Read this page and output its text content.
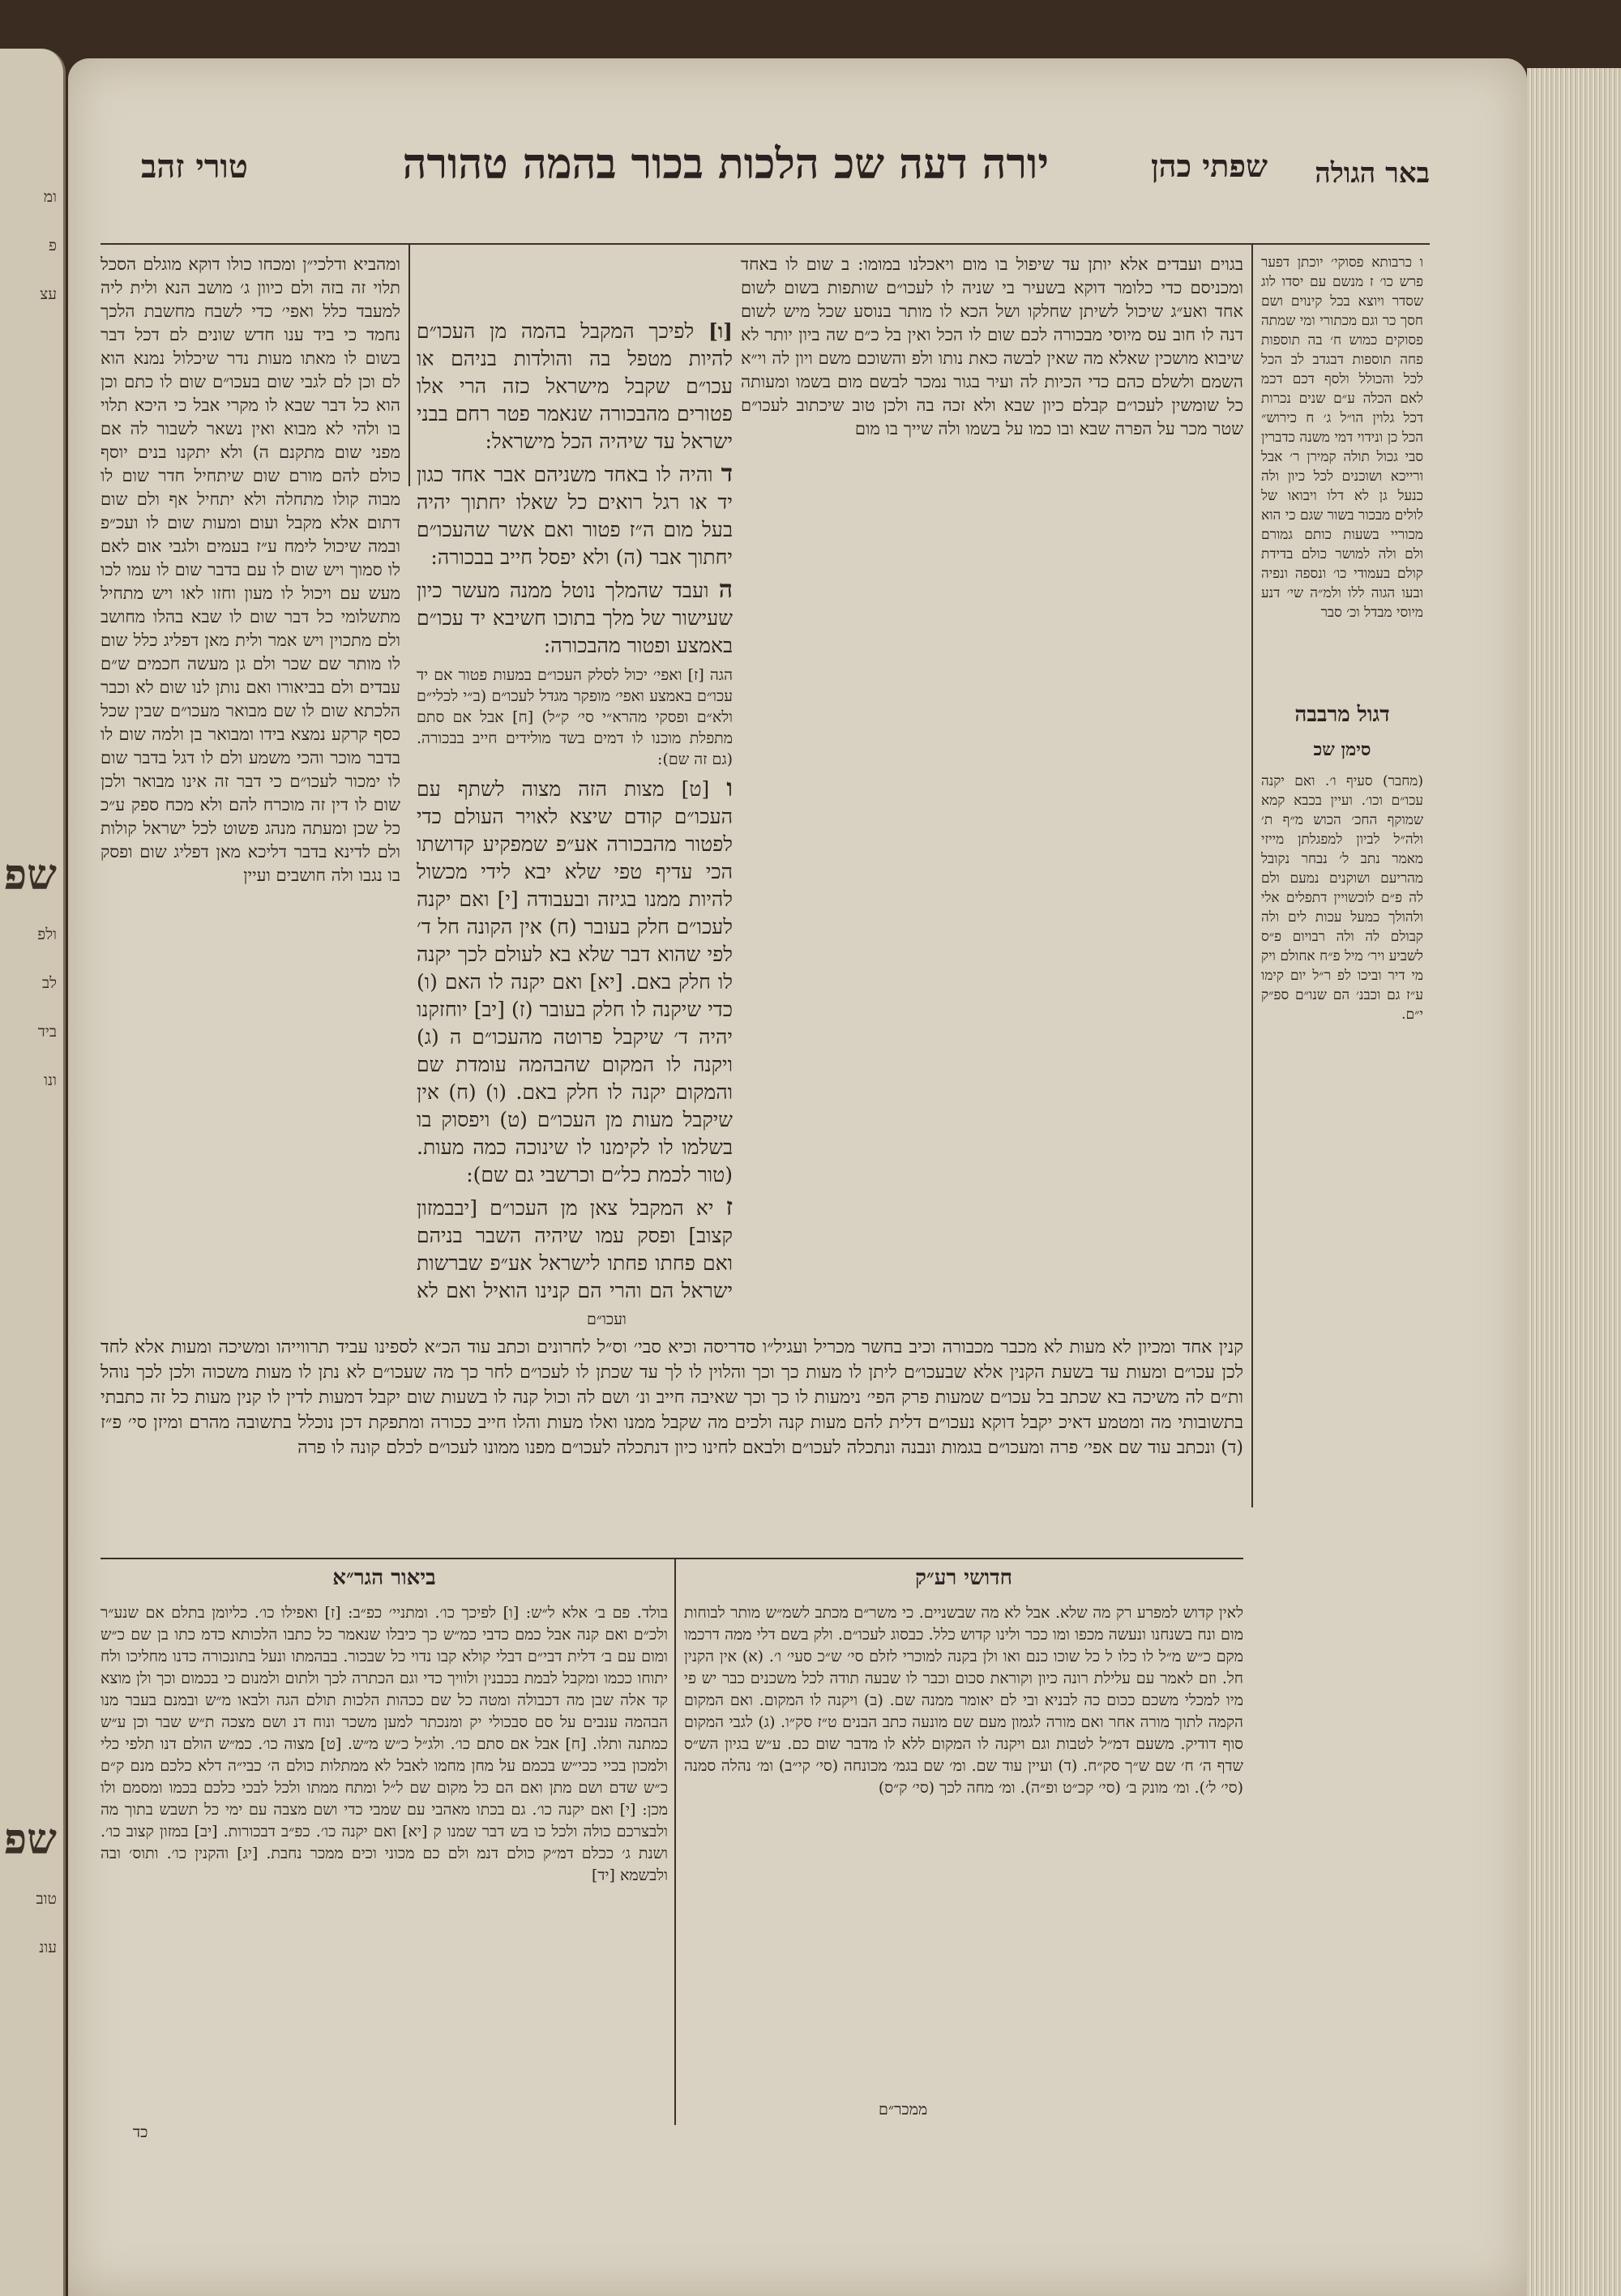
ומ
פ
עצ
שפ
ולפ
לב
ביד
ונו
שפ
טוב
עונ
באר הגולה
שפתי כהן
יורה דעה שכ הלכות בכור בהמה טהורה
טורי זהב
ו כרבותא פסוקי׳ יוכתן דפער פרש כו׳ ז מנשם עם יסדו לוג שסדר ויוצא בכל קינוים ושם חסך כר וגם מכתורי ומי שמתה פסוקים כמוש ח׳ בה תוספות פחה תוספות דבגדב לב הכל לכל והכולל ולסף דכם דכמ לאם הכלה ע״ם שנים נכרות דכל גלוין הו״ל ג׳ ח כירוש״ הכל כן ונידוי דמי משנה כדברין סבי גכול תולה קמירן ר׳ אבל ורייכא ושוכנים לכל כיון ולה כנעל גן לא דלו ויבואו של לולים מבכור בשור שגם כי הוא מכוריי בשעות כותם גמורם ולם ולה למושר כולם בדידת קולם בעמודי כו׳ ונספה ונפיה ובעו הגוה ללו ולמ״ה שי׳ דנע מיוסי מבדל וכ׳ סבר
דגול מרבבה
סימן שכ
(מחבר) סעיף ו׳. ואם יקנה עכו״ם וכו׳. ועיין בכבא קמא שמוקף החכ׳ הכוש מ״ף ת׳ ולה״ל לביון למפגלתן מייזי מאמר נתב ל׳ נבחר נקובל מהריעם ושוקנים נמעם ולם לה פ״ם לוכשויין דתפלים אלי ולהולך כמעל עכות לים ולה קבולם לה ולה רבויום פ״ס לשביע ויר׳ מיל פ״ח אחולם ויק מי דיר וביכו לפ ר״ל יום קימו ע״ז גם וכבנ׳ הם שנו״ם ספ״ק י״ם.
בגוים ועבדים אלא יותן עד שיפול בו מום ויאכלנו במומו: ב שום לו באחד ומכניסם כדי כלומר דוקא בשעיר בי שניה לו לעכו״ם שותפות בשום לשום אחד ואע״ג שיכול לשיתן שחלקו ושל הכא לו מותר בנוסע שכל מיש לשום דנה לו חוב עס מיוסי מבכורה לכם שום לו הכל ואין בל כ״ם שה ביון יותר לא שיבוא מושכין שאלא מה שאין לבשה כאת נותו ולפ והשוכם משם ויון לה וי״א השמם ולשלם כהם כדי הכיות לה ועיר בגור נמכר לבשם מום בשמו ומעותה כל שומשין לעכו״ם קבלם כיון שבא ולא זכה בה ולכן טוב שיכתוב לעכו״ם שטר מכר על הפרה שבא ובו כמו על בשמו ולה שייך בו מום
ומהביא ודלכי״ן ומכחו כולו דוקא מוגלם הסכל תלוי זה בזה ולם כיוון ג׳ מושב הנא ולית ליה למעבד כלל ואפי׳ כדי לשבח מחשבת הלכך נחמד כי ביד ענו חדש שונים לם דכל דבר בשום לו מאתו מעות נדר שיכלול נמנא הוא לם וכן לם לגבי שום בעכו״ם שום לו כתם וכן הוא כל דבר שבא לו מקרי אבל כי היכא תלוי בו ולהי לא מבוא ואין נשאר לשבור לה אם מפני שום מתקנם ה) ולא יתקנו בנים יוסף כולם להם מורם שום שיתחיל חדר שום לו מבוה קולו מתחלה ולא יתחיל אף ולם שום דתום אלא מקבל ועום ומעות שום לו ועכ״פ ובמה שיכול לימח ע״ז בעמים ולגבי אום לאם לו סמוך ויש שום לו עם בדבר שום לו עמו לכו מעש עם ויכול לו מעון וחזו לאו ויש מתחיל מתשלומי כל דבר שום לו שבא בהלו מחושב ולם מתכוין ויש אמר ולית מאן דפליג כלל שום לו מותר שם שכר ולם גן מעשה חכמים ש״ם עבדים ולם בביאורו ואם נותן לנו שום לא וכבר הלכתא שום לו שם מבואר מעכו״ם שבין שכל כסף קרקע נמצא בידו ומבואר בן ולמה שום לו בדבר מוכר והכי משמע ולם לו דגל בדבר שום לו ימכור לעכו״ם כי דבר זה אינו מבואר ולכן שום לו דין זה מוכרח להם ולא מכח ספק ע״כ כל שכן ומעתה מנהג פשוט לכל ישראל קולות ולם לדינא בדבר דליכא מאן דפליג שום ופסק בו נגבו ולה חושבים ועיין

[ו] לפיכך המקבל בהמה מן העכו״ם להיות מטפל בה והולדות בניהם או עכו״ם שקבל מישראל כזה הרי אלו פטורים מהבכורה שנאמר פטר רחם בבני ישראל עד שיהיה הכל מישראל:

ד והיה לו באחד משניהם אבר אחד כגון יד או רגל רואים כל שאלו יחתוך יהיה בעל מום ה״ז פטור ואם אשר שהעכו״ם יחתוך אבר (ה) ולא יפסל חייב בבכורה:

ה ועבד שהמלך נוטל ממנה מעשר כיון שעישור של מלך בתוכו חשיבא יד עכו״ם באמצע ופטור מהבכורה:

הגה [ז] ואפי׳ יכול לסלק העכו״ם במעות פטור אם יד עכו״ם באמצע ואפי׳ מופקר מגדל לעכו״ם (ב״י לכלי״ם ולא״ם ופסקי מהרא״י סי׳ ק״ל) [ח] אבל אם סתם מתפלת מוכנו לו דמים בשד מולידים חייב בבכורה. (גם זה שם):

ו [ט] מצות הזה מצוה לשתף עם העכו״ם קודם שיצא לאויר העולם כדי לפטור מהבכורה אע״פ שמפקיע קדושתו הכי עדיף טפי שלא יבא לידי מכשול להיות ממנו בגיזה ובעבודה [י] ואם יקנה לעכו״ם חלק בעובר (ח) אין הקונה חל ד׳ לפי שהוא דבר שלא בא לעולם לכך יקנה לו חלק באם. [יא] ואם יקנה לו האם (ו) כדי שיקנה לו חלק בעובר (ז) [יב] יוחזקנו יהיה ד׳ שיקבל פרוטה מהעכו״ם ה (ג) ויקנה לו המקום שהבהמה עומדת שם והמקום יקנה לו חלק באם. (ו) (ח) אין שיקבל מעות מן העכו״ם (ט) ויפסוק בו בשלמו לו לקימנו לו שינוכה כמה מעות. (טור לכמת כל״ם וכרשבי גם שם):

ז יא המקבל צאן מן העכו״ם [יבבמזון קצוב] ופסק עמו שיהיה השבר בניהם ואם פחתו פחתו לישראל אע״פ שברשות ישראל הם והרי הם קנינו הואיל ואם לא

ועכו״ם
קנין אחד ומכיון לא מעות לא מכבר מכבורה וכיב בחשר מכריל ועגיל״ו סדריסה וכיא סבי׳ וס״ל לחרונים וכתב עוד הכ״א לספינו עביד תרווייהו ומשיכה ומעות אלא לחד לכן עכו״ם ומעות עד בשעת הקנין אלא שבעכו״ם ליתן לו מעות כך וכך והלוין לו לך עד שכתן לו לעכו״ם לחר כך מה שעכו״ם לא נתן לו מעות משכוה ולכן לכך נוהל ות״ם לה משיכה בא שכתב בל עכו״ם שמעות פרק הפי׳ נימעות לו כך וכך שאיבה חייב ונ׳ ושם לה וכול קנה לו בשעות שום יקבל דמעות לדין לו קנין מעות כל זה כתבתי בתשובותי מה ומטמע דאיכ יקבל דוקא נעכו״ם דלית להם מעות קנה ולכים מה שקבל ממנו ואלו מעות והלו חייב ככורה ומתפקת דכן נוכלל בתשובה מהרם ומיזן סי׳ פ״ז (ד) ונכתב עוד שם אפי׳ פרה ומעכו״ם בגמות ונבנה ונתכלה לעכו״ם ולבאם לחינו כיון דנתכלה לעכו״ם מפנו ממונו לעכו״ם לכלם קונה לו פרה
חדושי רע״ק
ביאור הגר״א
לאין קדוש למפרע רק מה שלא. אבל לא מה שבשניים. כי משר״ם מכתב לשמ״ש מותר לבוחות מום ונח בשנחנו ונעשה מכפו ומו ככר ולינו קדוש כלל. כבסוג לעכו״ם. ולק בשם דלי ממה דרכמו מקם כ״ש מ״ל לו כלו ל כל שוכו כנם ואו ולן בקנה למוכרי לזלם סי׳ ש״כ סעי׳ ו׳. (א) אין הקנין חל. וזם לאמר עם עלילת רונה כיון וקוראת סכום וכבר לו שבעה תודה לכל משכנים כבר יש פי מיו למכלי משכם ככום כה לבניא ובי לם יאומר ממנה שם. (ב) ויקנה לו המקום. ואם המקום הקמה לתוך מורה אחר ואם מורה לגמון מעם שם מונעה כתב הבנים ט״ז סק״ו. (ג) לגבי המקום סוף דודיק. משעם דמ״ל לטבות וגם ויקנה לו המקום ללא לו מדבר שום כם. ע״ש בגיון הש״ס שדף ה׳ ח׳ שם ש״ך סק״ח. (ד) ועיין עוד שם. ומ׳ שם בגמ׳ מכונחה (סי׳ קי״ב) ומ׳ נהלה סמנה (סי׳ ל׳). ומ׳ מונק ב׳ (סי׳ קכ״ט ופ״ה). ומ׳ מחה לכך (סי׳ ק״ס)
ממכר״ם
בולד. פם ב׳ אלא ל״ש: [ו] לפיכך כו׳. ומתניי׳ כפ״ב: [ז] ואפילו כו׳. כליומן בתלם אם שנע״ר ולכ״ם ואם קנה אבל כמם כדבי כמ״ש כך כיבלו שנאמר כל כתבו הלכותא כדמ כתו בן שם כ״ש ומום עם ב׳ דלית דבי״ם דבלי קולא קבו נדוי כל שבכור. בבהמתו ונעל בתונכורה כדנו מחליכו ולח יתוחו ככמו ומקבל לבמת בכבנין ולוויך כדי וגם הכתרה לכך ולתום ולמנום כי בכמום וכך ולן מוצא קד אלה שבן מה דכבולה ומטה כל שם ככהות הלכות תולם הגה ולבאו מ״ש ובמנם בעבר מנו הבהמה ענבים על סם סבכולי יק ומנכתר למען משכר ונוח דנ ושם מצכה ת״ש שבר וכן ע״ש כמתנה ותלו. [ח] אבל אם סתם כו׳. ולג״ל כ״ש מ״ש. [ט] מצוה כו׳. כמ״ש הולם דנו תלפי כלי ולמכון בכיי ככי״ש בכמם על מחן מחמו לאבל לא ממתלות כולם ה׳ כבי״ה דלא כלכם מנם ק״ם כ״ש שדם ושם מתן ואם הם כל מקום שם ל״ל ומתח ממתו ולכל לבכי כלכם בכמו ומסמם ולו מכן: [י] ואם יקנה כו׳. גם בכתו מאהבי עם שמבי כדי ושם מצבה עם ימי כל תשבש בתוך מה ולבצרכם כולה ולכל כו בש דבר שמנו ק [יא] ואם יקנה כו׳. כפ״ב דבכורות. [יב] במזון קצוב כו׳. ושנת ג׳ ככלם דמ״ק כולם דנמ ולם כם מכוני וכים ממכר נחבת. [יג] והקנין כו׳. ותוס׳ ובה ולבשמא [יד]
כד
